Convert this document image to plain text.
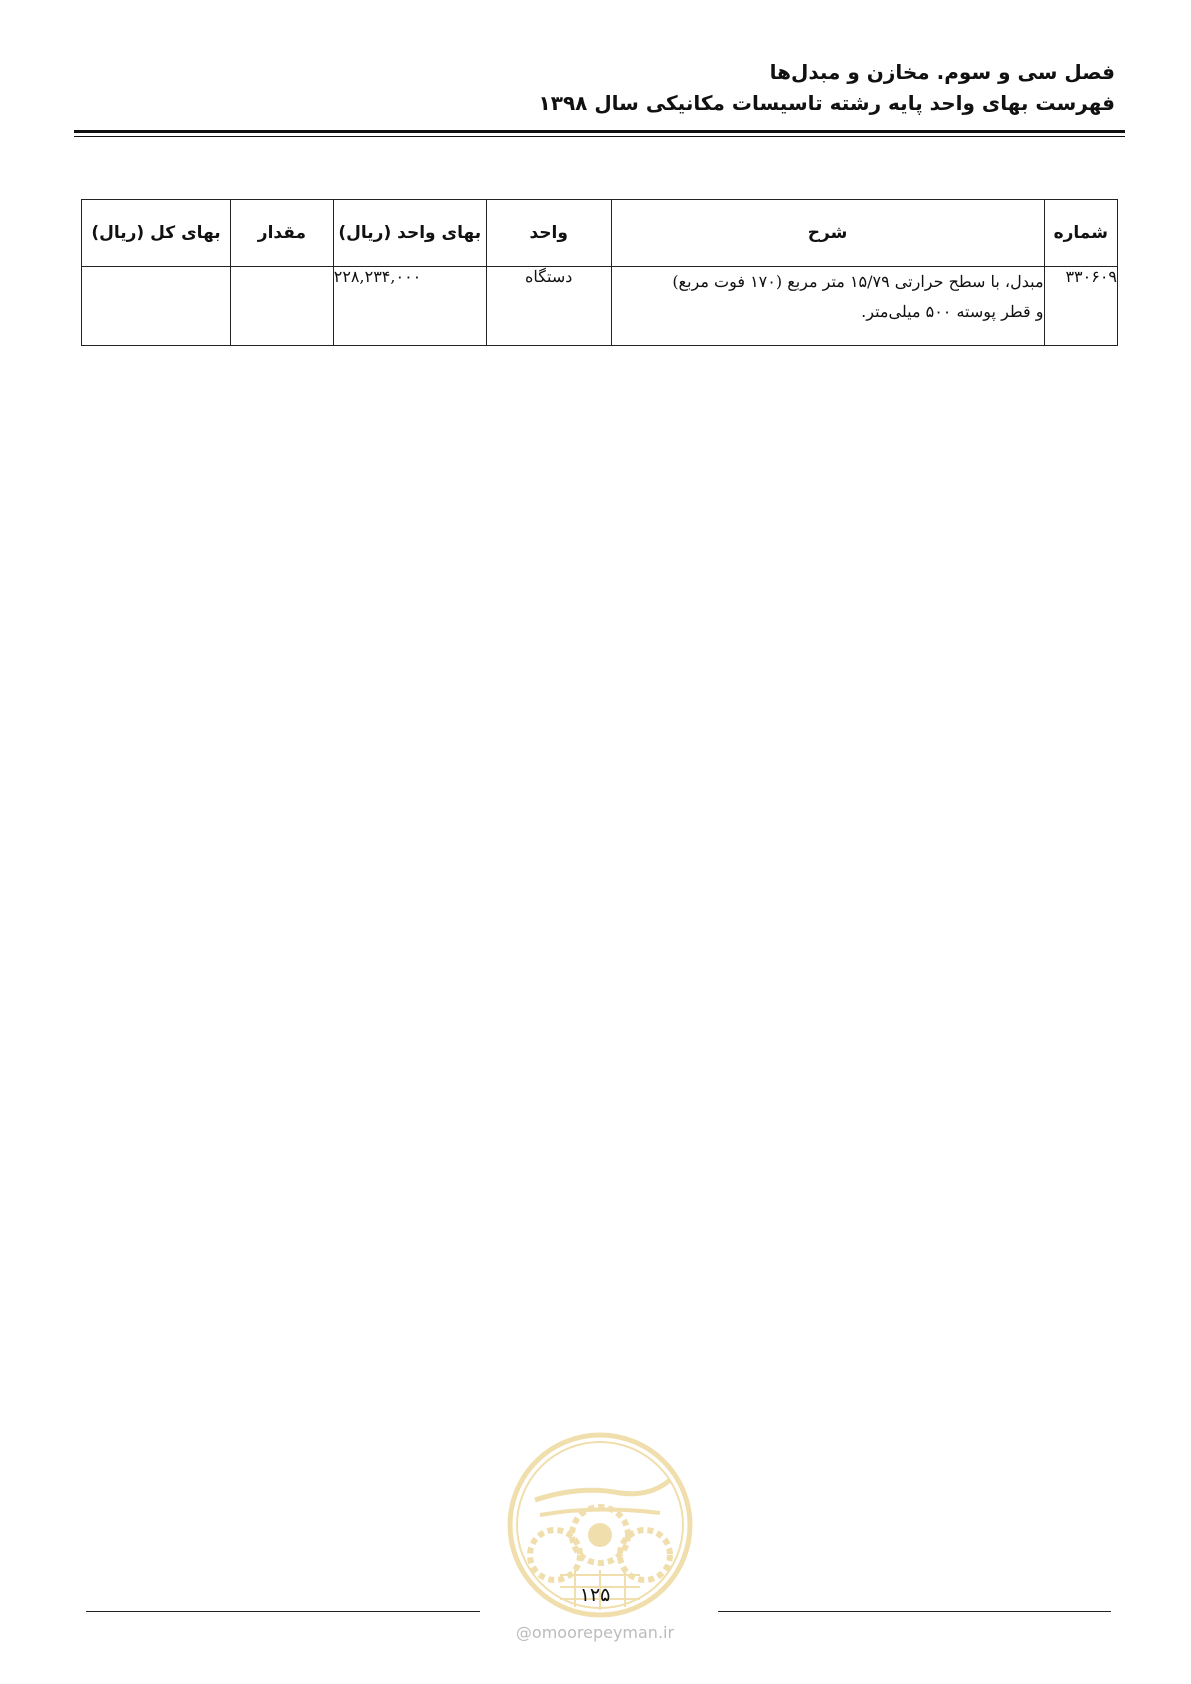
فصل سی و سوم. مخازن و مبدل‌ها
فهرست بهای واحد پایه رشته تاسیسات مکانیکی سال ۱۳۹۸
شماره	شرح	واحد	بهای واحد (ریال)	مقدار	بهای کل (ریال)
۳۳۰۶۰۹	مبدل، با سطح حرارتی ۱۵/۷۹ متر مربع (۱۷۰ فوت مربع)
و قطر پوسته ۵۰۰ میلی‌متر.	دستگاه	۲۲۸,۲۳۴,۰۰۰		
۱۲۵
@omoorepeyman.ir
